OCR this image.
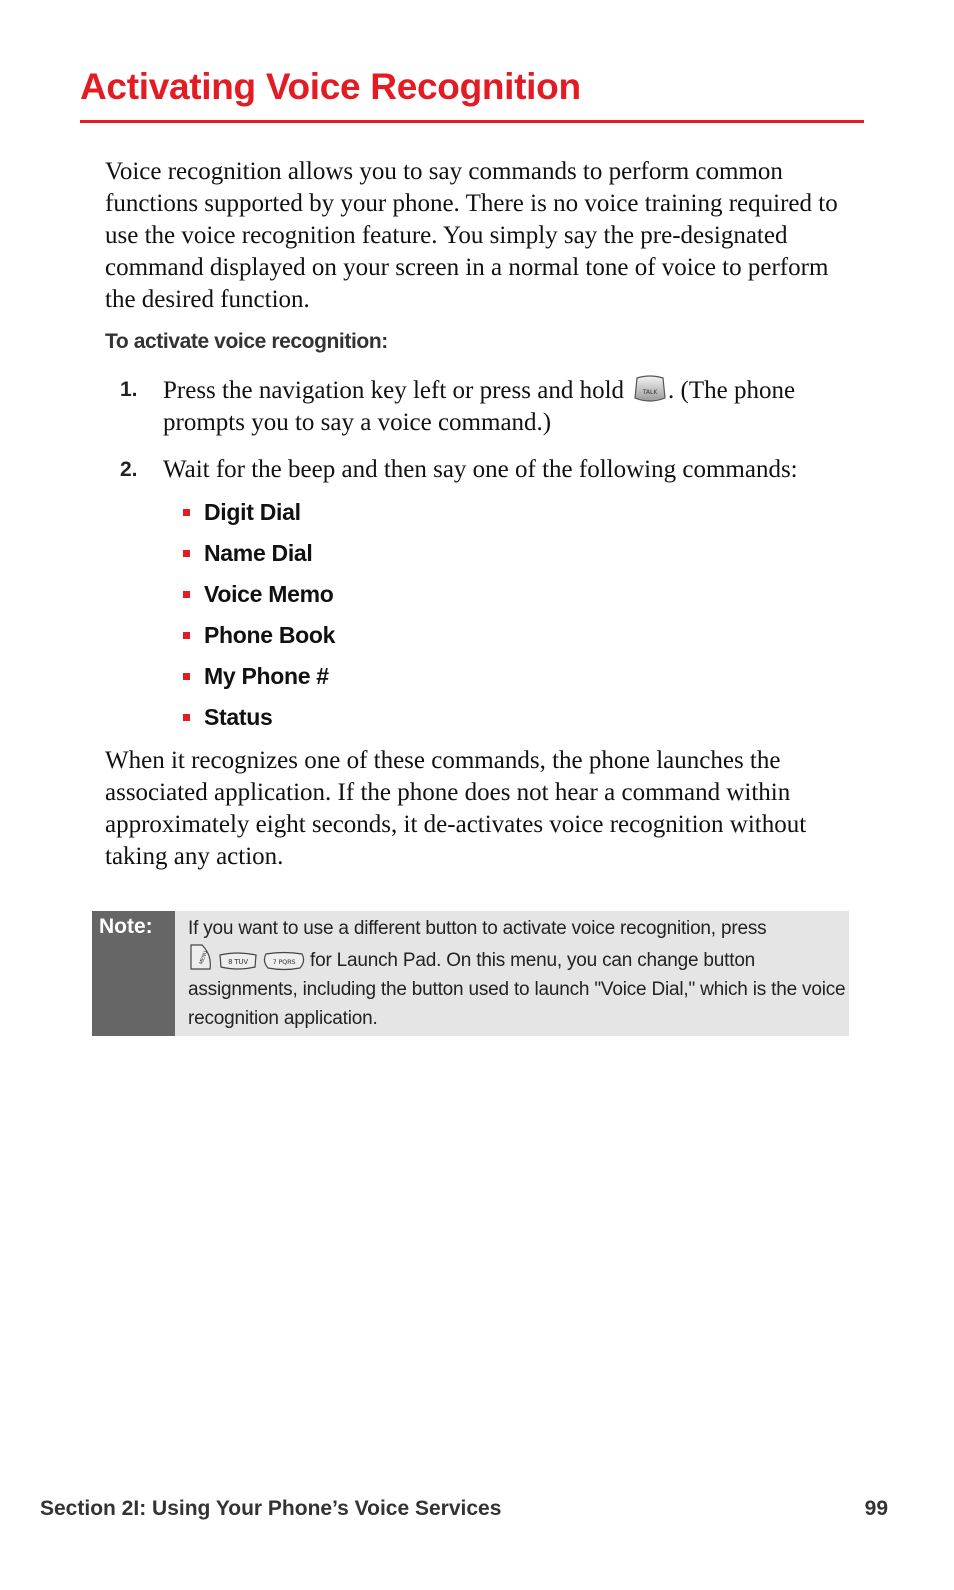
Activating Voice Recognition

Voice recognition allows you to say commands to perform common functions supported by your phone. There is no voice training required to use the voice recognition feature. You simply say the pre-designated command displayed on your screen in a normal tone of voice to perform the desired function.

To activate voice recognition:

1. Press the navigation key left or press and hold	TALK . (The phone prompts you to say a voice command.)

2. Wait for the beep and then say one of the following commands:

Digit Dial
Name Dial
Voice Memo
Phone Book
My Phone #
Status

When it recognizes one of these commands, the phone launches the associated application. If the phone does not hear a command within approximately eight seconds, it de-activates voice recognition without taking any action.

Note: If you want to use a different button to activate voice recognition, press

MENU	8 TUV	7 PQRS for Launch Pad. On this menu, you can change button assignments, including the button used to launch "Voice Dial," which is the voice recognition application.

Section 2I: Using Your Phone’s Voice Services	99
